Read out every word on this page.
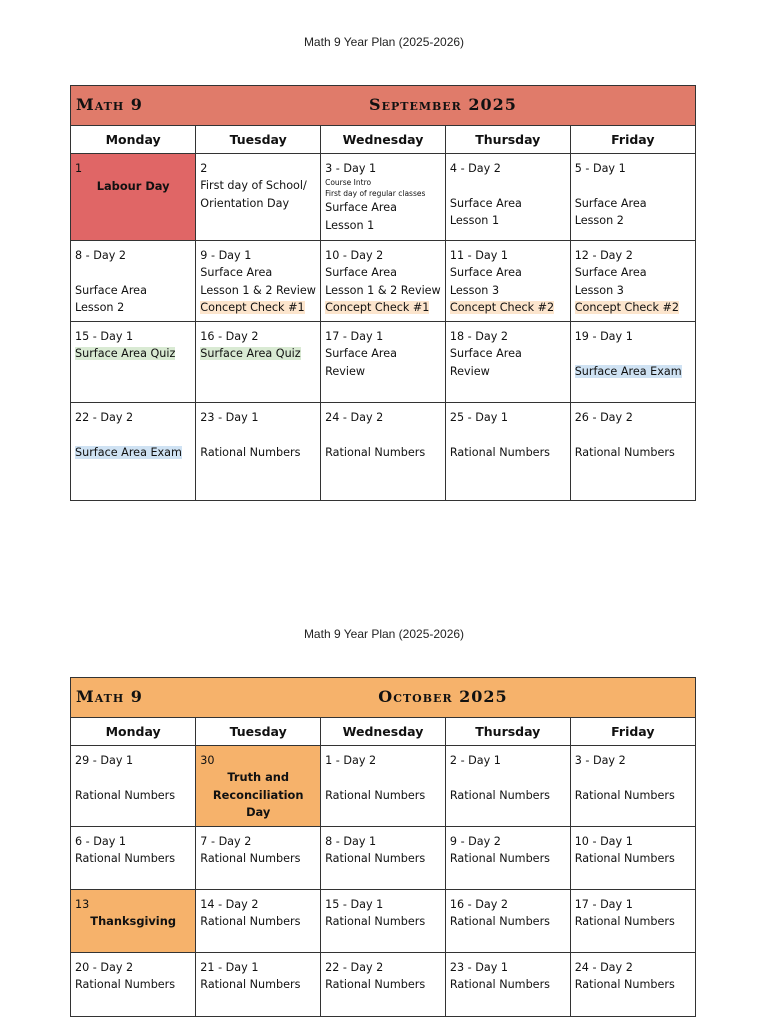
Math 9 Year Plan (2025-2026)
Math 9	September 2025
Monday	Tuesday	Wednesday	Thursday	Friday

1
Labour Day	2
First day of School/
Orientation Day	3 - Day 1
Course Intro
First day of regular classes
Surface Area
Lesson 1	4 - Day 2
Surface Area
Lesson 1	5 - Day 1
Surface Area
Lesson 2

8 - Day 2
Surface Area
Lesson 2	9 - Day 1
Surface Area
Lesson 1 & 2 Review
Concept Check #1	10 - Day 2
Surface Area
Lesson 1 & 2 Review
Concept Check #1	11 - Day 1
Surface Area
Lesson 3
Concept Check #2	12 - Day 2
Surface Area
Lesson 3
Concept Check #2

15 - Day 1
Surface Area Quiz	16 - Day 2
Surface Area Quiz	17 - Day 1
Surface Area
Review	18 - Day 2
Surface Area
Review	19 - Day 1
Surface Area Exam

22 - Day 2
Surface Area Exam	23 - Day 1
Rational Numbers	24 - Day 2
Rational Numbers	25 - Day 1
Rational Numbers	26 - Day 2
Rational Numbers
Math 9 Year Plan (2025-2026)
Math 9	October 2025
Monday	Tuesday	Wednesday	Thursday	Friday

29 - Day 1
Rational Numbers	30
Truth and
Reconciliation Day	1 - Day 2
Rational Numbers	2 - Day 1
Rational Numbers	3 - Day 2
Rational Numbers

6 - Day 1
Rational Numbers	7 - Day 2
Rational Numbers	8 - Day 1
Rational Numbers	9 - Day 2
Rational Numbers	10 - Day 1
Rational Numbers

13
Thanksgiving	14 - Day 2
Rational Numbers	15 - Day 1
Rational Numbers	16 - Day 2
Rational Numbers	17 - Day 1
Rational Numbers

20 - Day 2
Rational Numbers	21 - Day 1
Rational Numbers	22 - Day 2
Rational Numbers	23 - Day 1
Rational Numbers	24 - Day 2
Rational Numbers
